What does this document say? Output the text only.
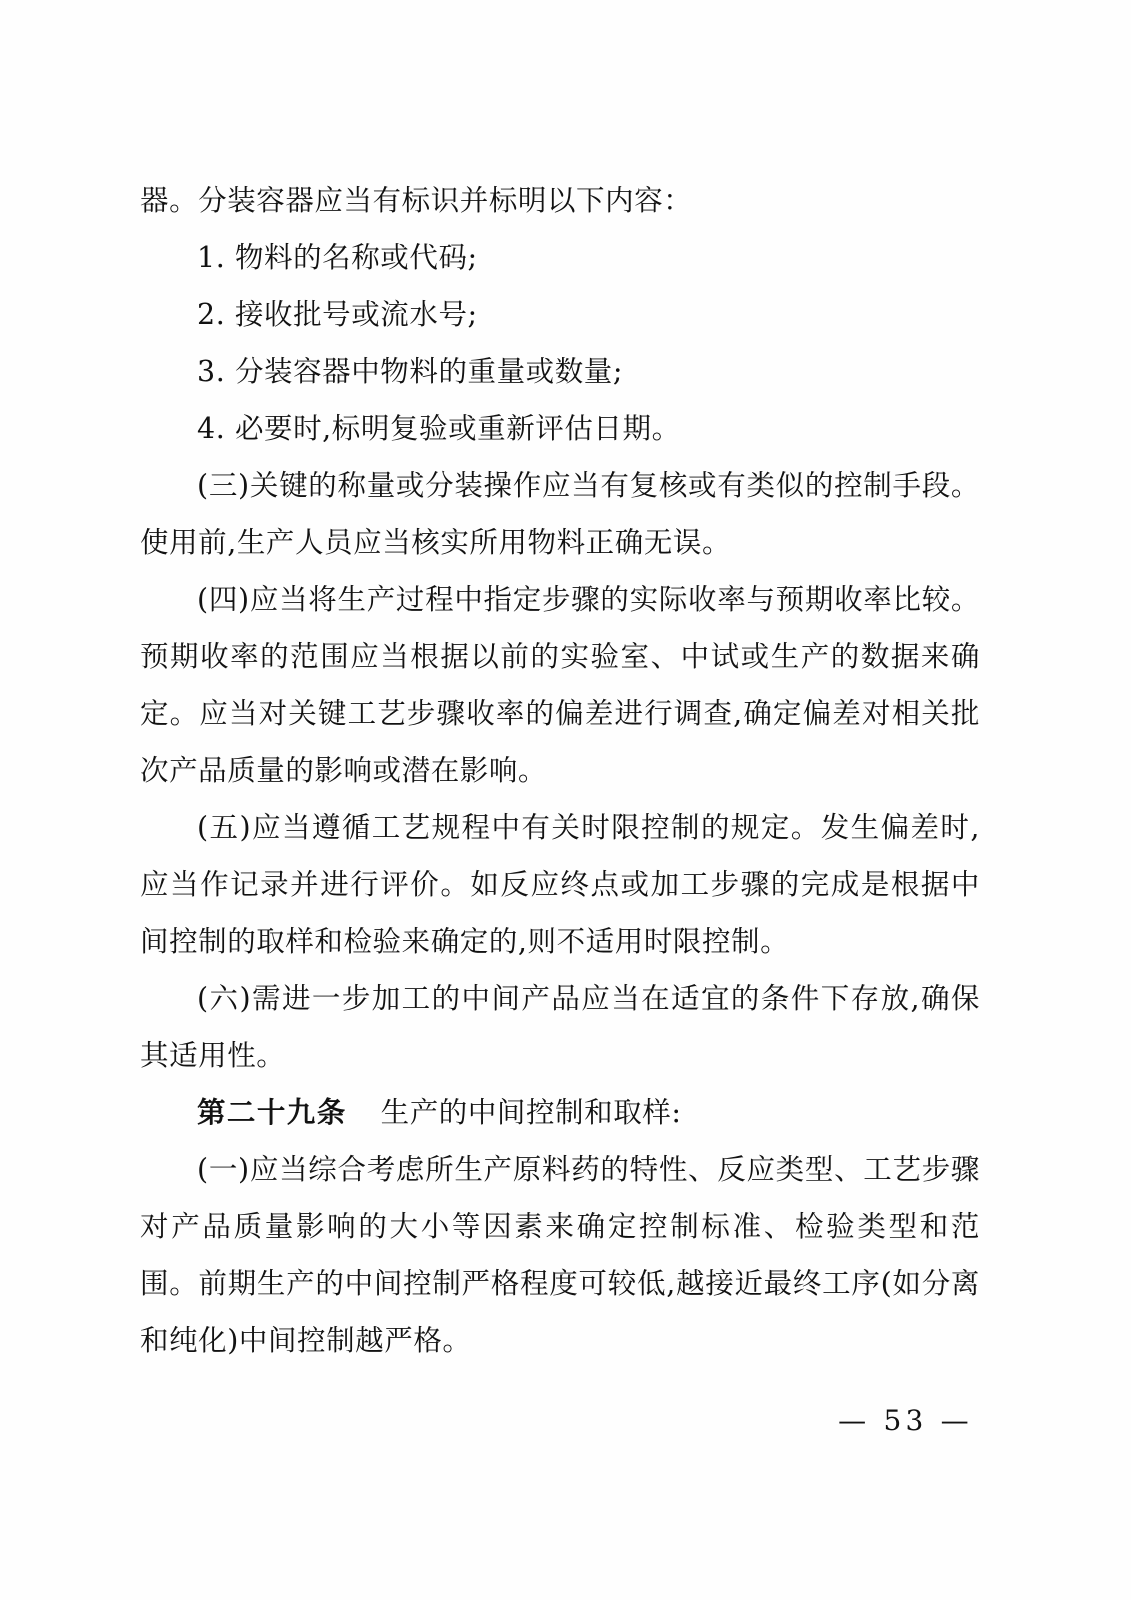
器。分装容器应当有标识并标明以下内容：

1. 物料的名称或代码;

2. 接收批号或流水号;

3. 分装容器中物料的重量或数量;

4. 必要时,标明复验或重新评估日期。

(三)关键的称量或分装操作应当有复核或有类似的控制手段。使用前,生产人员应当核实所用物料正确无误。

(四)应当将生产过程中指定步骤的实际收率与预期收率比较。预期收率的范围应当根据以前的实验室、中试或生产的数据来确定。应当对关键工艺步骤收率的偏差进行调查,确定偏差对相关批次产品质量的影响或潜在影响。

(五)应当遵循工艺规程中有关时限控制的规定。发生偏差时,应当作记录并进行评价。如反应终点或加工步骤的完成是根据中间控制的取样和检验来确定的,则不适用时限控制。

(六)需进一步加工的中间产品应当在适宜的条件下存放,确保其适用性。

第二十九条 生产的中间控制和取样:

(一)应当综合考虑所生产原料药的特性、反应类型、工艺步骤对产品质量影响的大小等因素来确定控制标准、检验类型和范围。前期生产的中间控制严格程度可较低,越接近最终工序(如分离和纯化)中间控制越严格。

— 53 —
